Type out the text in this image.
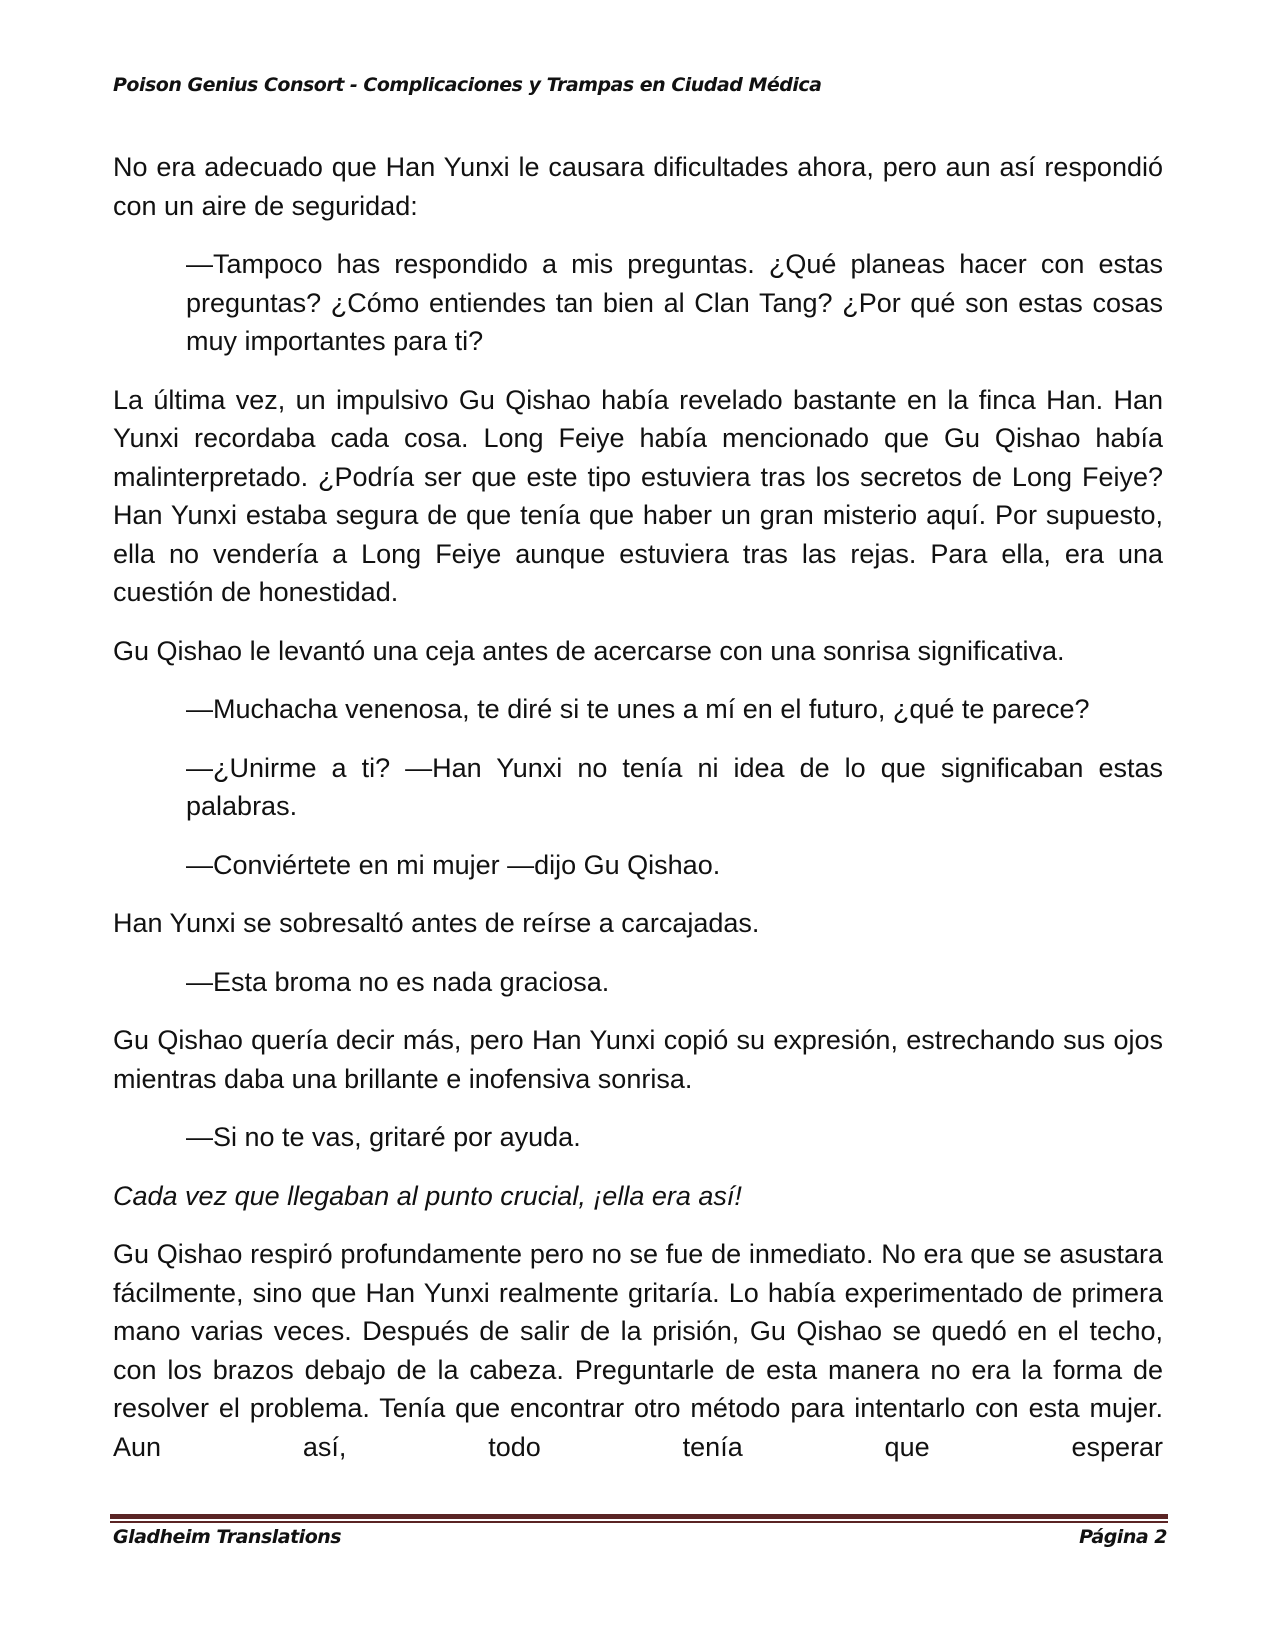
Poison Genius Consort - Complicaciones y Trampas en Ciudad Médica

No era adecuado que Han Yunxi le causara dificultades ahora, pero aun así respondió con un aire de seguridad:

—Tampoco has respondido a mis preguntas. ¿Qué planeas hacer con estas preguntas? ¿Cómo entiendes tan bien al Clan Tang? ¿Por qué son estas cosas muy importantes para ti?

La última vez, un impulsivo Gu Qishao había revelado bastante en la finca Han. Han Yunxi recordaba cada cosa. Long Feiye había mencionado que Gu Qishao había malinterpretado. ¿Podría ser que este tipo estuviera tras los secretos de Long Feiye? Han Yunxi estaba segura de que tenía que haber un gran misterio aquí. Por supuesto, ella no vendería a Long Feiye aunque estuviera tras las rejas. Para ella, era una cuestión de honestidad.

Gu Qishao le levantó una ceja antes de acercarse con una sonrisa significativa.

—Muchacha venenosa, te diré si te unes a mí en el futuro, ¿qué te parece?

—¿Unirme a ti? —Han Yunxi no tenía ni idea de lo que significaban estas palabras.

—Conviértete en mi mujer —dijo Gu Qishao.

Han Yunxi se sobresaltó antes de reírse a carcajadas.

—Esta broma no es nada graciosa.

Gu Qishao quería decir más, pero Han Yunxi copió su expresión, estrechando sus ojos mientras daba una brillante e inofensiva sonrisa.

—Si no te vas, gritaré por ayuda.

Cada vez que llegaban al punto crucial, ¡ella era así!

Gu Qishao respiró profundamente pero no se fue de inmediato. No era que se asustara fácilmente, sino que Han Yunxi realmente gritaría. Lo había experimentado de primera mano varias veces. Después de salir de la prisión, Gu Qishao se quedó en el techo, con los brazos debajo de la cabeza. Preguntarle de esta manera no era la forma de resolver el problema. Tenía que encontrar otro método para intentarlo con esta mujer. Aun así, todo tenía que esperar

Gladheim Translations	Página 2
